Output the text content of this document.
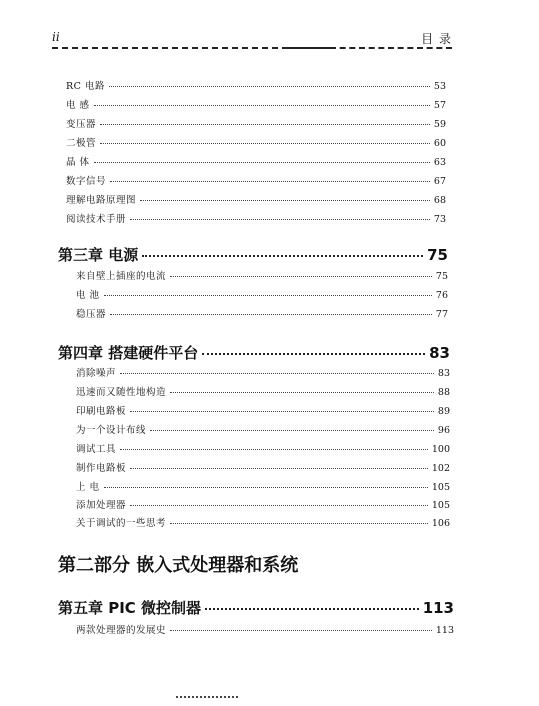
ii	目 录
RC 电路	53
电 感	57
变压器	59
二极管	60
晶 体	63
数字信号	67
理解电路原理图	68
阅读技术手册	73
第三章 电源	75
来自壁上插座的电流	75
电 池	76
稳压器	77
第四章 搭建硬件平台	83
消除噪声	83
迅速而又随性地构造	88
印刷电路板	89
为一个设计布线	96
调试工具	100
制作电路板	102
上 电	105
添加处理器	105
关于调试的一些思考	106
第二部分 嵌入式处理器和系统
第五章 PIC 微控制器	113
两款处理器的发展史	113
